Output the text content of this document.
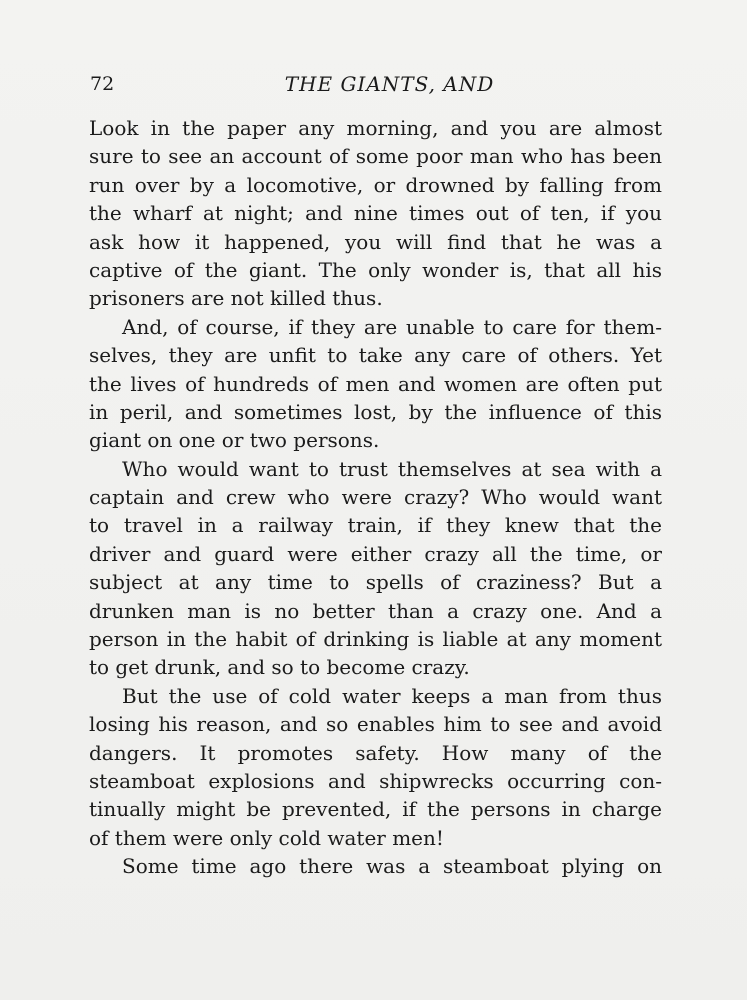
72	THE GIANTS, AND
Look in the paper any morning, and you are almost
sure to see an account of some poor man who has been
run over by a locomotive, or drowned by falling from
the wharf at night; and nine times out of ten, if you
ask how it happened, you will find that he was a
captive of the giant. The only wonder is, that all his
prisoners are not killed thus.
And, of course, if they are unable to care for them-
selves, they are unfit to take any care of others. Yet
the lives of hundreds of men and women are often put
in peril, and sometimes lost, by the influence of this
giant on one or two persons.
Who would want to trust themselves at sea with a
captain and crew who were crazy? Who would want
to travel in a railway train, if they knew that the
driver and guard were either crazy all the time, or
subject at any time to spells of craziness? But a
drunken man is no better than a crazy one. And a
person in the habit of drinking is liable at any moment
to get drunk, and so to become crazy.
But the use of cold water keeps a man from thus
losing his reason, and so enables him to see and avoid
dangers. It promotes safety. How many of the
steamboat explosions and shipwrecks occurring con-
tinually might be prevented, if the persons in charge
of them were only cold water men!
Some time ago there was a steamboat plying on
